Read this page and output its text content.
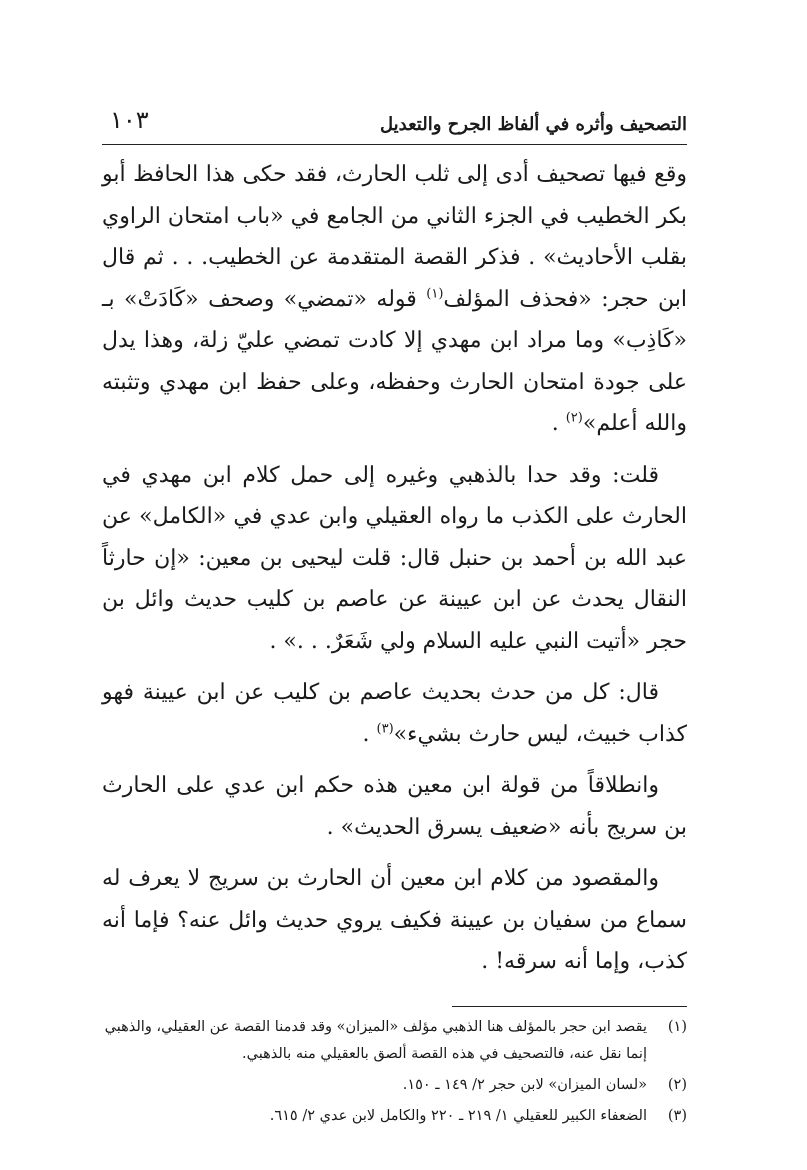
التصحيف وأثره في ألفاظ الجرح والتعديل
١٠٣

وقع فيها تصحيف أدى إلى ثلب الحارث، فقد حكى هذا الحافظ أبو بكر الخطيب في الجزء الثاني من الجامع في «باب امتحان الراوي بقلب الأحاديث» . فذكر القصة المتقدمة عن الخطيب. . . ثم قال ابن حجر: «فحذف المؤلف$^{(١)}$ قوله «تمضي» وصحف «كَادَتْ» بـ «كَاذِب» وما مراد ابن مهدي إلا كادت تمضي عليّ زلة، وهذا يدل على جودة امتحان الحارث وحفظه، وعلى حفظ ابن مهدي وتثبته والله أعلم»$^{(٢)}$ .

قلت: وقد حدا بالذهبي وغيره إلى حمل كلام ابن مهدي في الحارث على الكذب ما رواه العقيلي وابن عدي في «الكامل» عن عبد الله بن أحمد بن حنبل قال: قلت ليحيى بن معين: «إن حارثاً النقال يحدث عن ابن عيينة عن عاصم بن كليب حديث وائل بن حجر «أتيت النبي عليه السلام ولي شَعَرٌ. . .» .

قال: كل من حدث بحديث عاصم بن كليب عن ابن عيينة فهو كذاب خبيث، ليس حارث بشيء»$^{(٣)}$ .

وانطلاقاً من قولة ابن معين هذه حكم ابن عدي على الحارث بن سريج بأنه «ضعيف يسرق الحديث» .

والمقصود من كلام ابن معين أن الحارث بن سريج لا يعرف له سماع من سفيان بن عيينة فكيف يروي حديث وائل عنه؟ فإما أنه كذب، وإما أنه سرقه! .

(١)
يقصد ابن حجر بالمؤلف هنا الذهبي مؤلف «الميزان» وقد قدمنا القصة عن العقيلي، والذهبي إنما نقل عنه، فالتصحيف في هذه القصة ألصق بالعقيلي منه بالذهبي.
(٢)
«لسان الميزان» لابن حجر ٢/ ١٤٩ ـ ١٥٠.
(٣)
الضعفاء الكبير للعقيلي ١/ ٢١٩ ـ ٢٢٠ والكامل لابن عدي ٢/ ٦١٥.
